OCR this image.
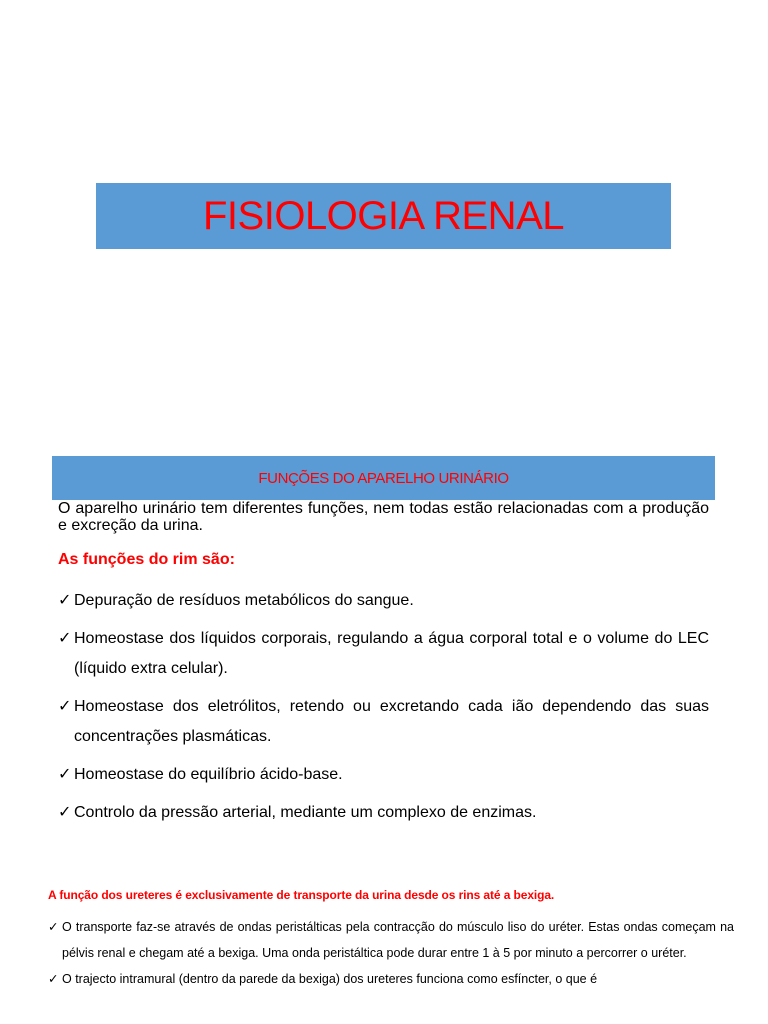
FISIOLOGIA RENAL
FUNÇÕES DO APARELHO URINÁRIO
O aparelho urinário tem diferentes funções, nem todas estão relacionadas com a produção e excreção da urina.
As funções do rim são:
✓ Depuração de resíduos metabólicos do sangue.
✓ Homeostase dos líquidos corporais, regulando a água corporal total e o volume do LEC (líquido extra celular).
✓ Homeostase dos eletrólitos, retendo ou excretando cada ião dependendo das suas concentrações plasmáticas.
✓ Homeostase do equilíbrio ácido-base.
✓ Controlo da pressão arterial, mediante um complexo de enzimas.
A função dos ureteres é exclusivamente de transporte da urina desde os rins até a bexiga.
✓ O transporte faz-se através de ondas peristálticas pela contracção do músculo liso do uréter. Estas ondas começam na pélvis renal e chegam até a bexiga. Uma onda peristáltica pode durar entre 1 à 5 por minuto a percorrer o uréter.
✓ O trajecto intramural (dentro da parede da bexiga) dos ureteres funciona como esfíncter, o que é
